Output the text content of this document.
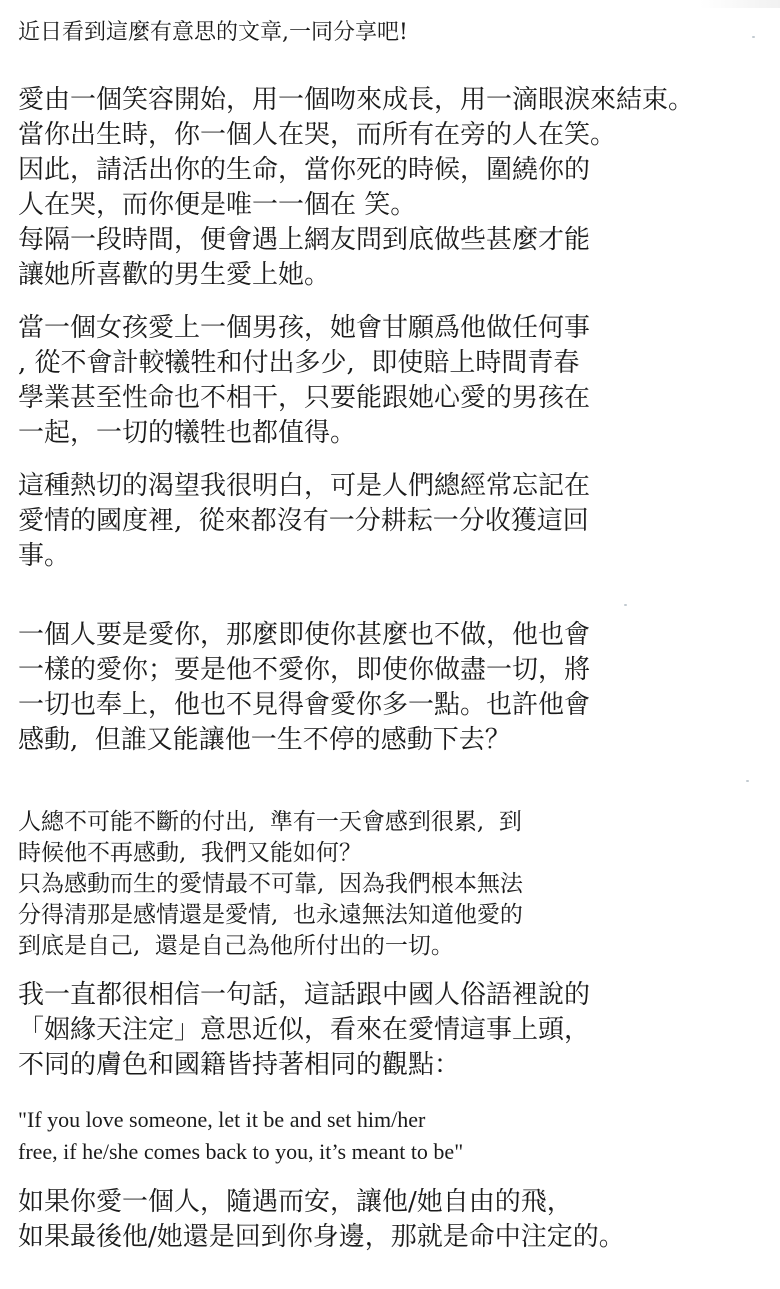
近日看到這麼有意思的文章,一同分享吧!

愛由一個笑容開始，用一個吻來成長，用一滴眼淚來結束。
當你出生時，你一個人在哭，而所有在旁的人在笑。
因此，請活出你的生命，當你死的時候，圍繞你的
人在哭，而你便是唯一一個在 笑。
每隔一段時間，便會遇上網友問到底做些甚麼才能
讓她所喜歡的男生愛上她。

當一個女孩愛上一個男孩，她會甘願爲他做任何事
, 從不會計較犧牲和付出多少,  即使賠上時間青春
學業甚至性命也不相干，只要能跟她心愛的男孩在
一起，一切的犧牲也都值得。

這種熱切的渴望我很明白，可是人們總經常忘記在
愛情的國度裡,  從來都沒有一分耕耘一分收獲這回
事。

一個人要是愛你，那麼即使你甚麼也不做，他也會
一樣的愛你；要是他不愛你，即使你做盡一切，將
一切也奉上，他也不見得會愛你多一點。也許他會
感動,  但誰又能讓他一生不停的感動下去？

人總不可能不斷的付出,  準有一天會感到很累,  到
時候他不再感動,  我們又能如何？
只為感動而生的愛情最不可靠,  因為我們根本無法
分得清那是感情還是愛情,  也永遠無法知道他愛的
到底是自己,  還是自己為他所付出的一切。

我一直都很相信一句話，這話跟中國人俗語裡說的
「姻緣天注定」意思近似，看來在愛情這事上頭，
不同的膚色和國籍皆持著相同的觀點：

"If you love someone, let it be and set him/her
free, if he/she comes back to you, it’s meant to be"

如果你愛一個人，隨遇而安，讓他/她自由的飛，
如果最後他/她還是回到你身邊，那就是命中注定的。
